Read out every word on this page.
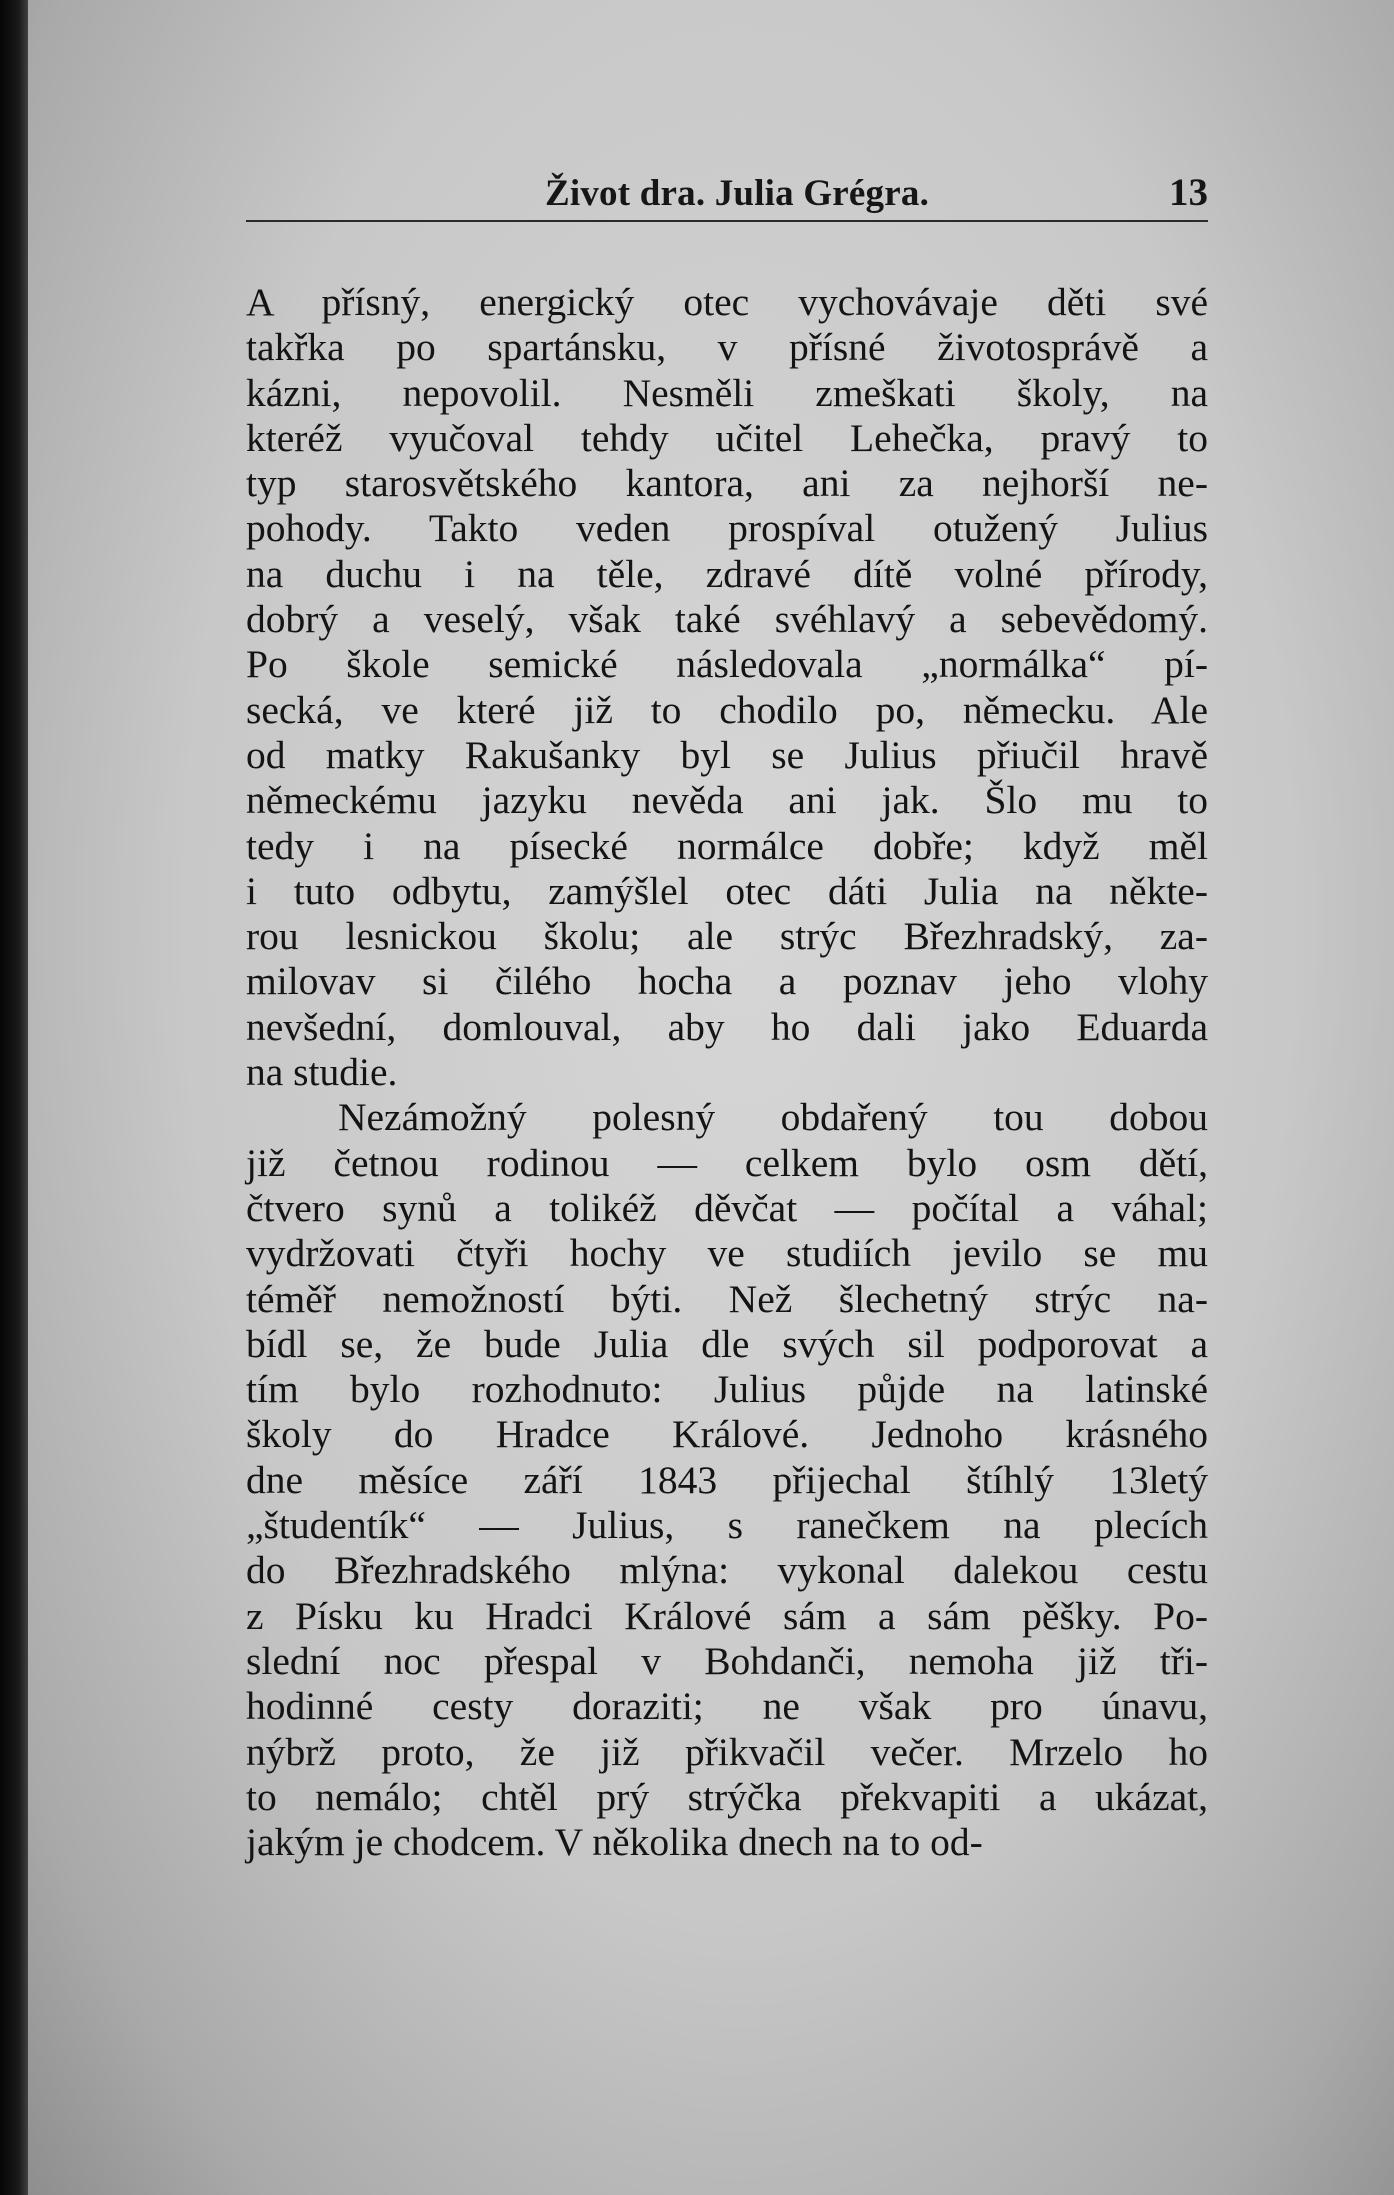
Život dra. Julia Grégra.	13
A přísný, energický otec vychovávaje děti své
takřka po spartánsku, v přísné životosprávě a
kázni, nepovolil. Nesměli zmeškati školy, na
kteréž vyučoval tehdy učitel Lehečka, pravý to
typ starosvětského kantora, ani za nejhorší ne-
pohody. Takto veden prospíval otužený Julius
na duchu i na těle, zdravé dítě volné přírody,
dobrý a veselý, však také svéhlavý a sebevědomý.
Po škole semické následovala „normálka“ pí-
secká, ve které již to chodilo po, německu. Ale
od matky Rakušanky byl se Julius přiučil hravě
německému jazyku nevěda ani jak. Šlo mu to
tedy i na písecké normálce dobře; když měl
i tuto odbytu, zamýšlel otec dáti Julia na někte-
rou lesnickou školu; ale strýc Březhradský, za-
milovav si čilého hocha a poznav jeho vlohy
nevšední, domlouval, aby ho dali jako Eduarda
na studie.
Nezámožný polesný obdařený tou dobou
již četnou rodinou — celkem bylo osm dětí,
čtvero synů a tolikéž děvčat — počítal a váhal;
vydržovati čtyři hochy ve studiích jevilo se mu
téměř nemožností býti. Než šlechetný strýc na-
bídl se, že bude Julia dle svých sil podporovat a
tím bylo rozhodnuto: Julius půjde na latinské
školy do Hradce Králové. Jednoho krásného
dne měsíce září 1843 přijechal štíhlý 13letý
„študentík“ — Julius, s ranečkem na plecích
do Březhradského mlýna: vykonal dalekou cestu
z Písku ku Hradci Králové sám a sám pěšky. Po-
slední noc přespal v Bohdanči, nemoha již tři-
hodinné cesty doraziti; ne však pro únavu,
nýbrž proto, že již přikvačil večer. Mrzelo ho
to nemálo; chtěl prý strýčka překvapiti a ukázat,
jakým je chodcem. V několika dnech na to od-
